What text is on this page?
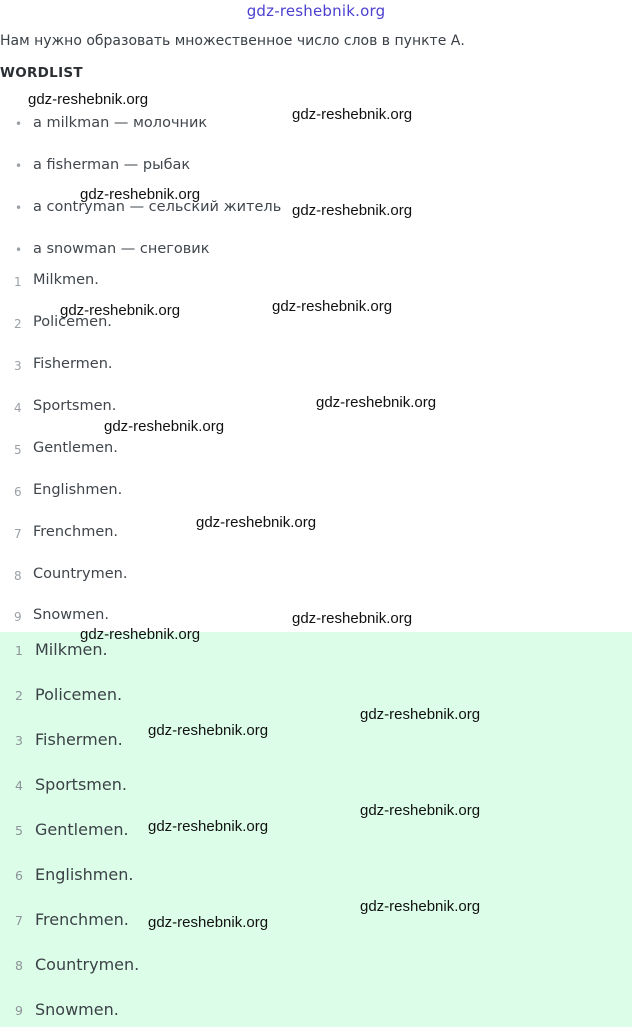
gdz-reshebnik.org
Нам нужно образовать множественное число слов в пункте А.
WORDLIST
• a milkman — молочник
• a fisherman — рыбак
• a contryman — сельский житель
• a snowman — снеговик
1 Milkmen.
2 Policemen.
3 Fishermen.
4 Sportsmen.
5 Gentlemen.
6 Englishmen.
7 Frenchmen.
8 Countrymen.
9 Snowmen.
1 Milkmen.
2 Policemen.
3 Fishermen.
4 Sportsmen.
5 Gentlemen.
6 Englishmen.
7 Frenchmen.
8 Countrymen.
9 Snowmen.
gdz-reshebnik.org
gdz-reshebnik.org
gdz-reshebnik.org
gdz-reshebnik.org
gdz-reshebnik.org
gdz-reshebnik.org
gdz-reshebnik.org
gdz-reshebnik.org
gdz-reshebnik.org
gdz-reshebnik.org
gdz-reshebnik.org
gdz-reshebnik.org
gdz-reshebnik.org
gdz-reshebnik.org
gdz-reshebnik.org
gdz-reshebnik.org
gdz-reshebnik.org
